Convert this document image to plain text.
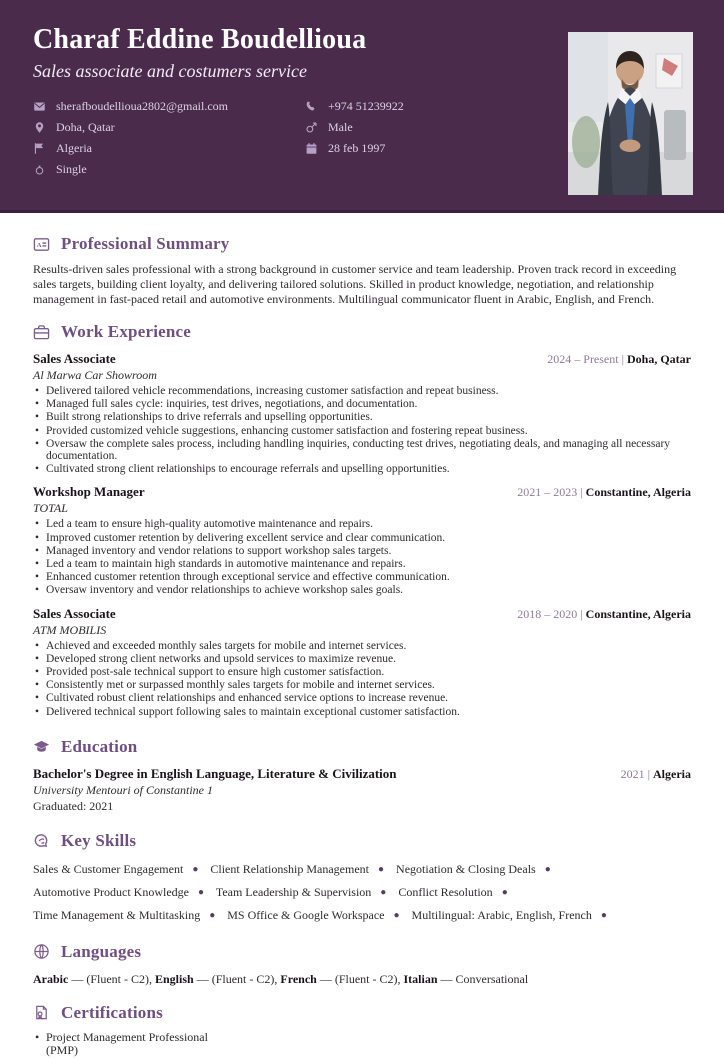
Charaf Eddine Boudellioua
Sales associate and costumers service
sherafboudellioua2802@gmail.com
Doha, Qatar
Algeria
Single
+974 51239922
Male
28 feb 1997
A Professional Summary

Results-driven sales professional with a strong background in customer service and team leadership. Proven track record in exceeding sales targets, building client loyalty, and delivering tailored solutions. Skilled in product knowledge, negotiation, and relationship management in fast-paced retail and automotive environments. Multilingual communicator fluent in Arabic, English, and French.

Work Experience
Sales Associate	2024 – Present | Doha, Qatar
Al Marwa Car Showroom
• Delivered tailored vehicle recommendations, increasing customer satisfaction and repeat business.
• Managed full sales cycle: inquiries, test drives, negotiations, and documentation.
• Built strong relationships to drive referrals and upselling opportunities.
• Provided customized vehicle suggestions, enhancing customer satisfaction and fostering repeat business.
• Oversaw the complete sales process, including handling inquiries, conducting test drives, negotiating deals, and managing all necessary documentation.
• Cultivated strong client relationships to encourage referrals and upselling opportunities.
Workshop Manager	2021 – 2023 | Constantine, Algeria
TOTAL
• Led a team to ensure high-quality automotive maintenance and repairs.
• Improved customer retention by delivering excellent service and clear communication.
• Managed inventory and vendor relations to support workshop sales targets.
• Led a team to maintain high standards in automotive maintenance and repairs.
• Enhanced customer retention through exceptional service and effective communication.
• Oversaw inventory and vendor relationships to achieve workshop sales goals.
Sales Associate	2018 – 2020 | Constantine, Algeria
ATM MOBILIS
• Achieved and exceeded monthly sales targets for mobile and internet services.
• Developed strong client networks and upsold services to maximize revenue.
• Provided post-sale technical support to ensure high customer satisfaction.
• Consistently met or surpassed monthly sales targets for mobile and internet services.
• Cultivated robust client relationships and enhanced service options to increase revenue.
• Delivered technical support following sales to maintain exceptional customer satisfaction.
Education
Bachelor's Degree in English Language, Literature & Civilization	2021 | Algeria
University Mentouri of Constantine 1
Graduated: 2021
Key Skills
Sales & Customer Engagement ● Client Relationship Management ● Negotiation & Closing Deals ● Automotive Product Knowledge ● Team Leadership & Supervision ● Conflict Resolution ● Time Management & Multitasking ● MS Office & Google Workspace ● Multilingual: Arabic, English, French ●
Languages
Arabic — (Fluent - C2), English — (Fluent - C2), French — (Fluent - C2), Italian — Conversational
Certifications
• Project Management Professional (PMP)
